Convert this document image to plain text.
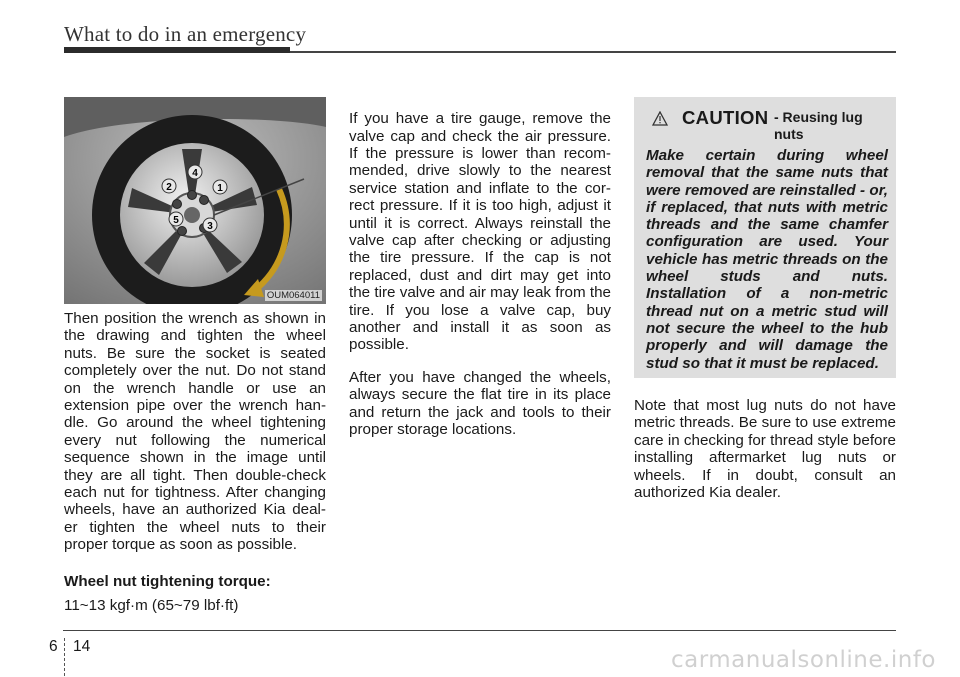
What to do in an emergency
1
2
3
4
5
OUM064011
Then position the wrench as shown in the drawing and tighten the wheel nuts. Be sure the socket is seated completely over the nut. Do not stand on the wrench handle or use an extension pipe over the wrench han-dle. Go around the wheel tightening every nut following the numerical sequence shown in the image until they are all tight. Then double-check each nut for tightness. After changing wheels, have an authorized Kia deal-er tighten the wheel nuts to their proper torque as soon as possible.
Wheel nut tightening torque:
11~13 kgf·m (65~79 lbf·ft)

If you have a tire gauge, remove the valve cap and check the air pressure. If the pressure is lower than recom-mended, drive slowly to the nearest service station and inflate to the cor-rect pressure. If it is too high, adjust it until it is correct. Always reinstall the valve cap after checking or adjusting the tire pressure. If the cap is not replaced, dust and dirt may get into the tire valve and air may leak from the tire. If you lose a valve cap, buy another and install it as soon as possible.

After you have changed the wheels, always secure the flat tire in its place and return the jack and tools to their proper storage locations.

CAUTION - Reusing lug nuts
Make certain during wheel removal that the same nuts that were removed are reinstalled - or, if replaced, that nuts with metric threads and the same chamfer configuration are used. Your vehicle has metric threads on the wheel studs and nuts. Installation of a non-metric thread nut on a metric stud will not secure the wheel to the hub properly and will damage the stud so that it must be replaced.
Note that most lug nuts do not have metric threads. Be sure to use extreme care in checking for thread style before installing aftermarket lug nuts or wheels. If in doubt, consult an authorized Kia dealer.
6 14
carmanualsonline.info
